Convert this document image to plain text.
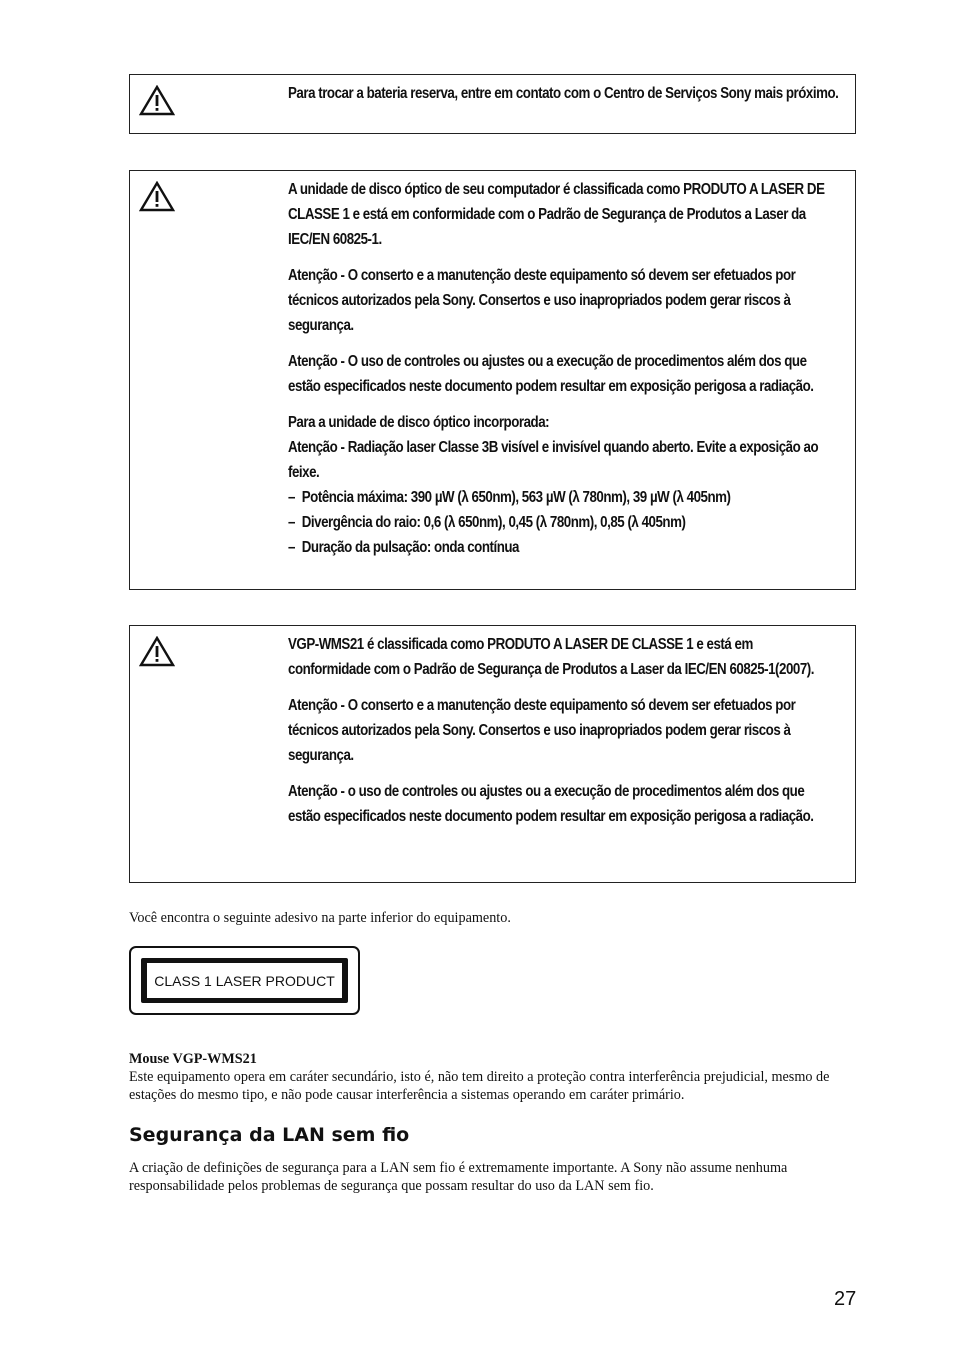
Para trocar a bateria reserva, entre em contato com o Centro de Serviços Sony mais próximo.

A unidade de disco óptico de seu computador é classificada como PRODUTO A LASER DE CLASSE 1 e está em conformidade com o Padrão de Segurança de Produtos a Laser da IEC/EN 60825-1.

Atenção - O conserto e a manutenção deste equipamento só devem ser efetuados por técnicos autorizados pela Sony. Consertos e uso inapropriados podem gerar riscos à segurança.

Atenção - O uso de controles ou ajustes ou a execução de procedimentos além dos que estão especificados neste documento podem resultar em exposição perigosa a radiação.

Para a unidade de disco óptico incorporada:
Atenção - Radiação laser Classe 3B visível e invisível quando aberto. Evite a exposição ao feixe.
– Potência máxima: 390 µW (λ 650nm), 563 µW (λ 780nm), 39 µW (λ 405nm)
– Divergência do raio: 0,6 (λ 650nm), 0,45 (λ 780nm), 0,85 (λ 405nm)
– Duração da pulsação: onda contínua

VGP-WMS21 é classificada como PRODUTO A LASER DE CLASSE 1 e está em conformidade com o Padrão de Segurança de Produtos a Laser da IEC/EN 60825-1(2007).

Atenção - O conserto e a manutenção deste equipamento só devem ser efetuados por técnicos autorizados pela Sony. Consertos e uso inapropriados podem gerar riscos à segurança.

Atenção - o uso de controles ou ajustes ou a execução de procedimentos além dos que estão especificados neste documento podem resultar em exposição perigosa a radiação.

Você encontra o seguinte adesivo na parte inferior do equipamento.
CLASS 1 LASER PRODUCT
Mouse VGP-WMS21
Este equipamento opera em caráter secundário, isto é, não tem direito a proteção contra interferência prejudicial, mesmo de estações do mesmo tipo, e não pode causar interferência a sistemas operando em caráter primário.
Segurança da LAN sem fio
A criação de definições de segurança para a LAN sem fio é extremamente importante. A Sony não assume nenhuma responsabilidade pelos problemas de segurança que possam resultar do uso da LAN sem fio.
27
